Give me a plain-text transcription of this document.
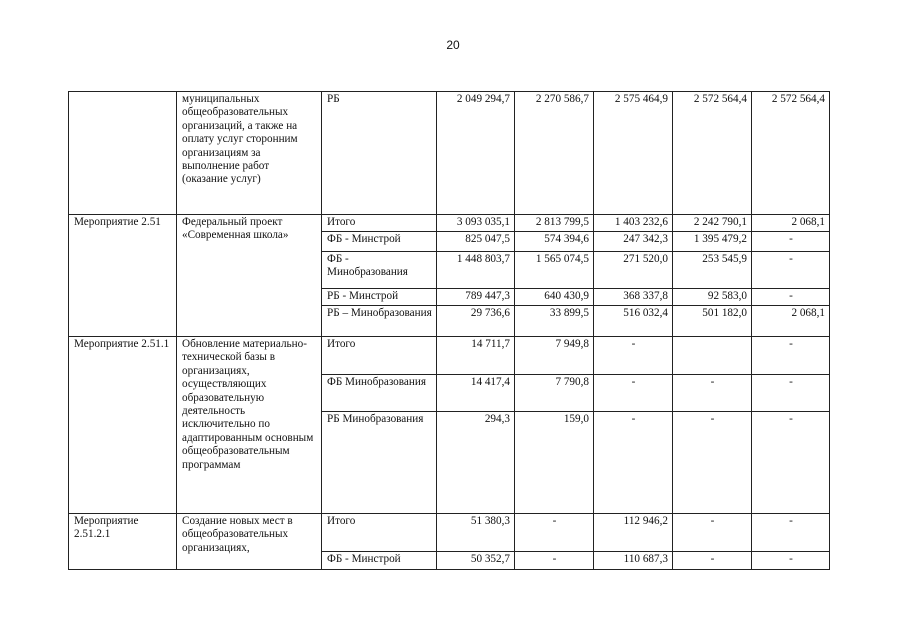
20
	муниципальных общеобразовательных организаций, а также на оплату услуг сторонним организациям за выполнение работ (оказание услуг)	РБ	2 049 294,7	2 270 586,7	2 575 464,9	2 572 564,4	2 572 564,4
Мероприятие 2.51	Федеральный проект «Современная школа»	Итого	3 093 035,1	2 813 799,5	1 403 232,6	2 242 790,1	2 068,1
		ФБ - Минстрой	825 047,5	574 394,6	247 342,3	1 395 479,2	-
		ФБ - Минобразования	1 448 803,7	1 565 074,5	271 520,0	253 545,9	-
		РБ - Минстрой	789 447,3	640 430,9	368 337,8	92 583,0	-
		РБ – Минобразования	29 736,6	33 899,5	516 032,4	501 182,0	2 068,1
Мероприятие 2.51.1	Обновление материально-технической базы в организациях, осуществляющих образовательную деятельность исключительно по адаптированным основным общеобразовательным программам	Итого	14 711,7	7 949,8	-		-
		ФБ Минобразования	14 417,4	7 790,8	-	-	-
		РБ Минобразования	294,3	159,0	-	-	-
Мероприятие 2.51.2.1	Создание новых мест в общеобразовательных организациях,	Итого	51 380,3	-	112 946,2	-	-
		ФБ - Минстрой	50 352,7	-	110 687,3	-	-
